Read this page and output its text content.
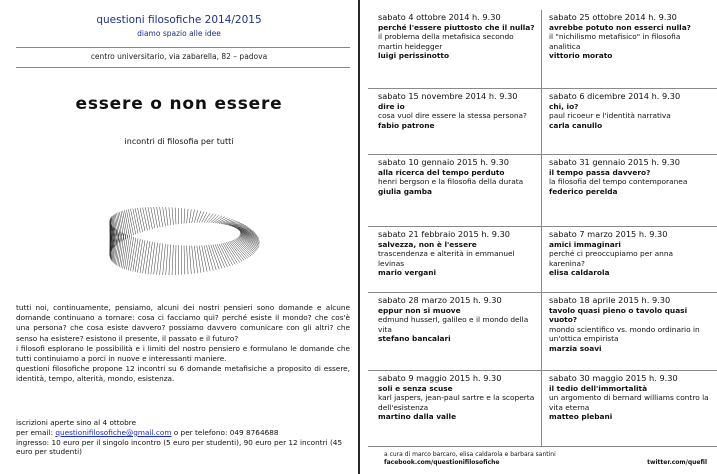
questioni filosofiche 2014/2015
diamo spazio alle idee
centro universitario, via zabarella, 82 – padova
essere o non essere
incontri di filosofia per tutti

tutti noi, continuamente, pensiamo, alcuni dei nostri pensieri sono domande e alcune domande continuano a tornare: cosa ci facciamo qui? perché esiste il mondo? che cos'è una persona? che cosa esiste davvero? possiamo davvero comunicare con gli altri? che senso ha esistere? esistono il presente, il passato e il futuro?

i filosofi esplorano le possibilità e i limiti del nostro pensiero e formulano le domande che tutti continuiamo a porci in nuove e interessanti maniere.

questioni filosofiche propone 12 incontri su 6 domande metafisiche a proposito di essere, identità, tempo, alterità, mondo, esistenza.

iscrizioni aperte sino al 4 ottobre

per email: questionifilosofiche@gmail.com o per telefono: 049 8764688

ingresso: 10 euro per il singolo incontro (5 euro per studenti), 90 euro per 12 incontri (45 euro per studenti)

sabato 4 ottobre 2014 h. 9.30
perché l'essere piuttosto che il nulla?
il problema della metafisica secondo martin heidegger
luigi perissinotto
sabato 25 ottobre 2014 h. 9.30
avrebbe potuto non esserci nulla?
il "nichilismo metafisico" in filosofia analitica
vittorio morato
sabato 15 novembre 2014 h. 9.30
dire io
cosa vuol dire essere la stessa persona?
fabio patrone
sabato 6 dicembre 2014 h. 9.30
chi, io?
paul ricoeur e l'identità narrativa
carla canullo
sabato 10 gennaio 2015 h. 9.30
alla ricerca del tempo perduto
henri bergson e la filosofia della durata
giulia gamba
sabato 31 gennaio 2015 h. 9.30
il tempo passa davvero?
la filosofia del tempo contemporanea
federico perelda
sabato 21 febbraio 2015 h. 9.30
salvezza, non è l'essere
trascendenza e alterità in emmanuel levinas
mario vergani
sabato 7 marzo 2015 h. 9.30
amici immaginari
perché ci preoccupiamo per anna karenina?
elisa caldarola
sabato 28 marzo 2015 h. 9.30
eppur non si muove
edmund husserl, galileo e il mondo della vita
stefano bancalari
sabato 18 aprile 2015 h. 9.30
tavolo quasi pieno o tavolo quasi vuoto?
mondo scientifico vs. mondo ordinario in un'ottica empirista
marzia soavi
sabato 9 maggio 2015 h. 9.30
soli e senza scuse
karl jaspers, jean-paul sartre e la scoperta dell'esistenza
martino dalla valle
sabato 30 maggio 2015 h. 9.30
il tedio dell'immortalità
un argomento di bernard williams contro la vita eterna
matteo plebani
a cura di marco barcaro, elisa caldarola e barbara santini
facebook.com/questionifilosofiche	twitter.com/quefil
